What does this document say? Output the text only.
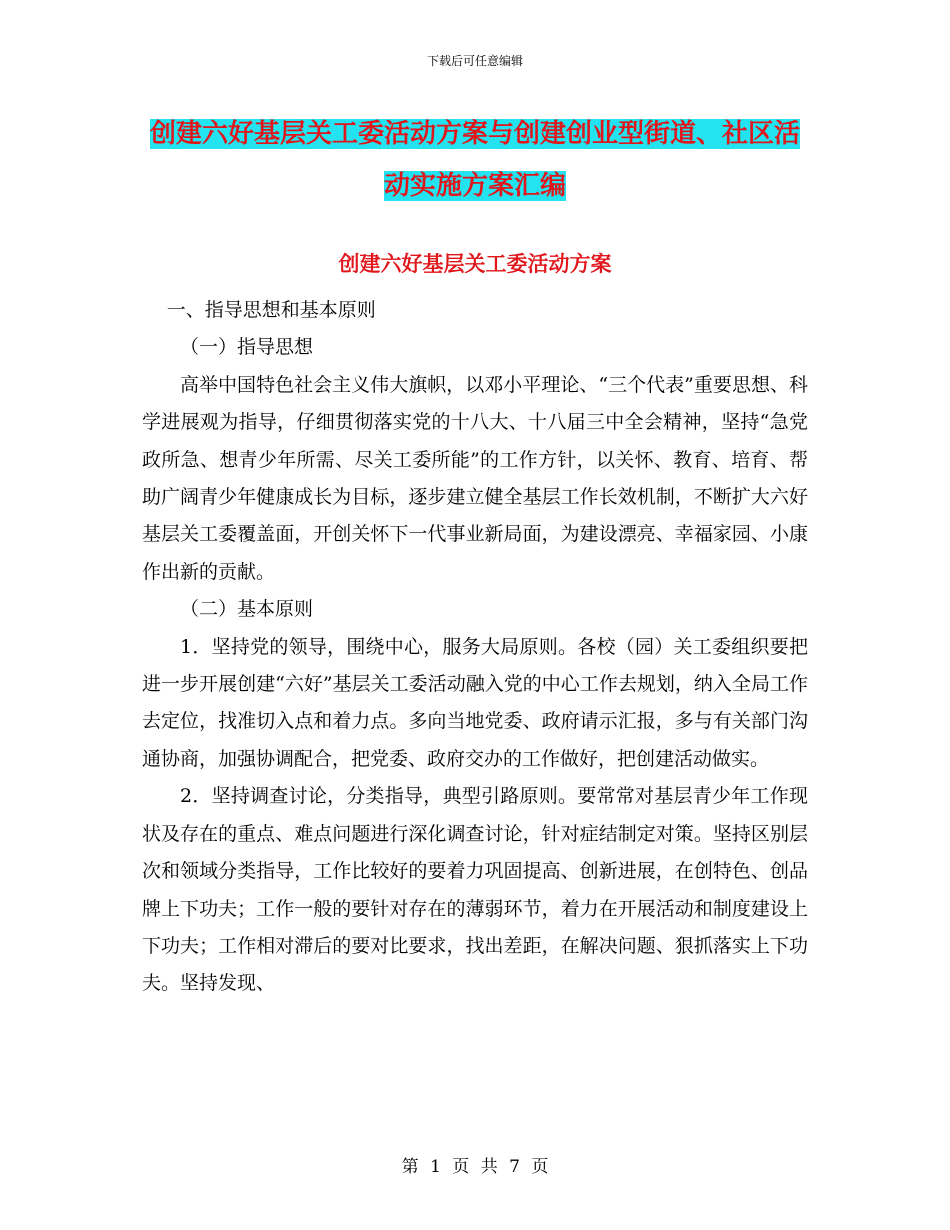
下载后可任意编辑
创建六好基层关工委活动方案与创建创业型街道、社区活动实施方案汇编
创建六好基层关工委活动方案

一、指导思想和基本原则

（一）指导思想

高举中国特色社会主义伟大旗帜，以邓小平理论、“三个代表”重要思想、科学进展观为指导，仔细贯彻落实党的十八大、十八届三中全会精神，坚持“急党政所急、想青少年所需、尽关工委所能”的工作方针，以关怀、教育、培育、帮助广阔青少年健康成长为目标，逐步建立健全基层工作长效机制，不断扩大六好基层关工委覆盖面，开创关怀下一代事业新局面，为建设漂亮、幸福家园、小康作出新的贡献。

（二）基本原则

1．坚持党的领导，围绕中心，服务大局原则。各校（园）关工委组织要把进一步开展创建“六好”基层关工委活动融入党的中心工作去规划，纳入全局工作去定位，找准切入点和着力点。多向当地党委、政府请示汇报，多与有关部门沟通协商，加强协调配合，把党委、政府交办的工作做好，把创建活动做实。

2．坚持调查讨论，分类指导，典型引路原则。要常常对基层青少年工作现状及存在的重点、难点问题进行深化调查讨论，针对症结制定对策。坚持区别层次和领域分类指导，工作比较好的要着力巩固提高、创新进展，在创特色、创品牌上下功夫；工作一般的要针对存在的薄弱环节，着力在开展活动和制度建设上下功夫；工作相对滞后的要对比要求，找出差距，在解决问题、狠抓落实上下功夫。坚持发现、

第 1 页 共 7 页
